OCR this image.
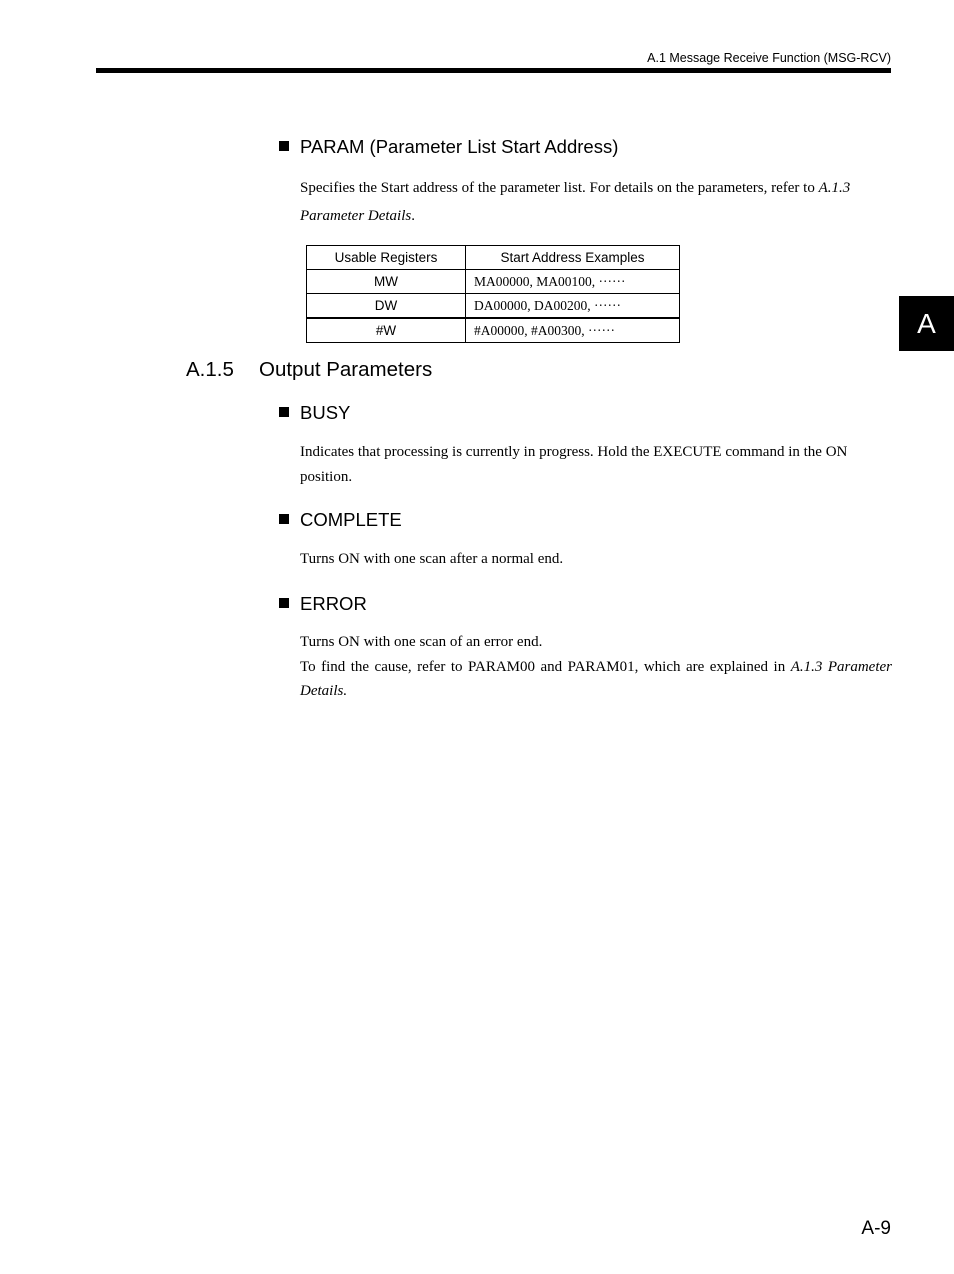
A.1 Message Receive Function (MSG-RCV)
A
PARAM (Parameter List Start Address)
Specifies the Start address of the parameter list. For details on the parameters, refer to A.1.3 Parameter Details.
Usable Registers	Start Address Examples
MW	MA00000, MA00100, ······
DW	DA00000, DA00200, ······
#W	#A00000, #A00300, ······
A.1.5 Output Parameters
BUSY
Indicates that processing is currently in progress. Hold the EXECUTE command in the ON position.
COMPLETE
Turns ON with one scan after a normal end.
ERROR
Turns ON with one scan of an error end.
To find the cause, refer to PARAM00 and PARAM01, which are explained in A.1.3 Parameter Details.
A-9
